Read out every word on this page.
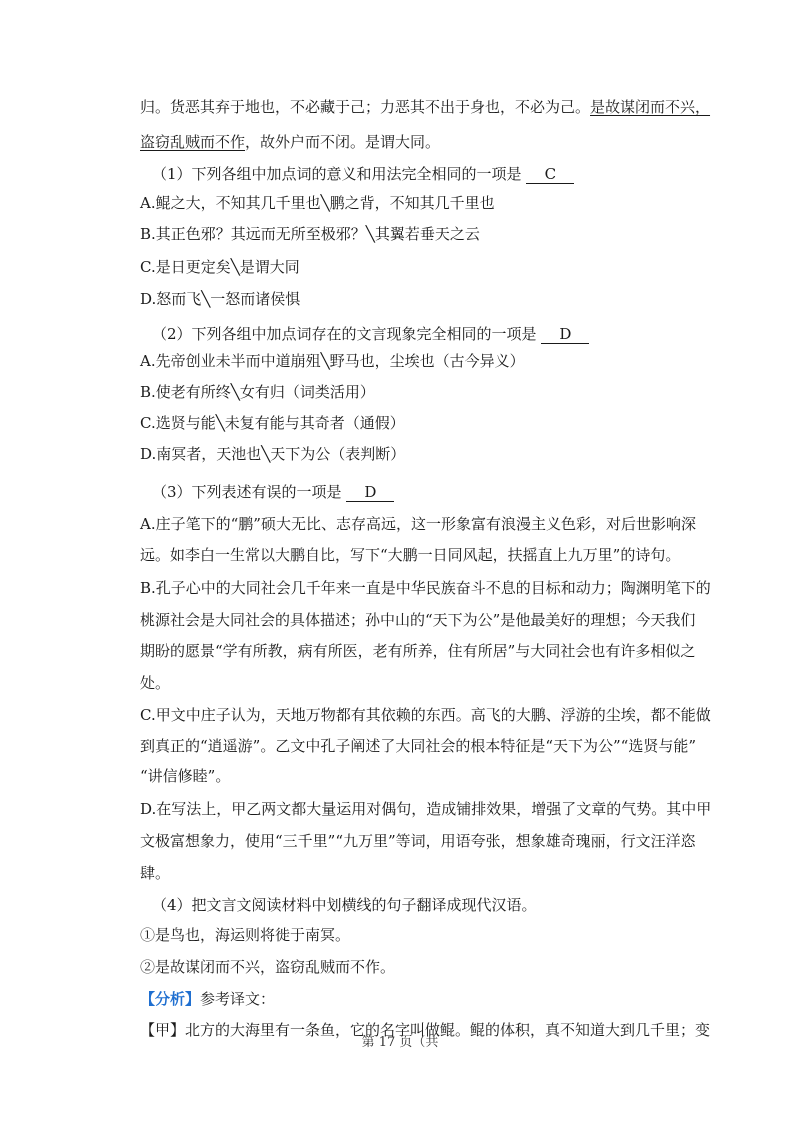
归。货恶其弃于地也，不必藏于己；力恶其不出于身也，不必为己。是故谋闭而不兴，
盗窃乱贼而不作，故外户而不闭。是谓大同。
（1）下列各组中加点词的意义和用法完全相同的一项是 C
A.鲲之大，不知其几千里也╲鹏之背，不知其几千里也
B.其正色邪？其远而无所至极邪？╲其翼若垂天之云
C.是日更定矣╲是谓大同
D.怒而飞╲一怒而诸侯惧
（2）下列各组中加点词存在的文言现象完全相同的一项是 D
A.先帝创业未半而中道崩殂╲野马也，尘埃也（古今异义）
B.使老有所终╲女有归（词类活用）
C.选贤与能╲未复有能与其奇者（通假）
D.南冥者，天池也╲天下为公（表判断）
（3）下列表述有误的一项是 D
A.庄子笔下的“鹏”硕大无比、志存高远，这一形象富有浪漫主义色彩，对后世影响深
远。如李白一生常以大鹏自比，写下“大鹏一日同风起，扶摇直上九万里”的诗句。
B.孔子心中的大同社会几千年来一直是中华民族奋斗不息的目标和动力；陶渊明笔下的
桃源社会是大同社会的具体描述；孙中山的“天下为公”是他最美好的理想；今天我们
期盼的愿景“学有所教，病有所医，老有所养，住有所居”与大同社会也有许多相似之
处。
C.甲文中庄子认为，天地万物都有其依赖的东西。高飞的大鹏、浮游的尘埃，都不能做
到真正的“逍遥游”。乙文中孔子阐述了大同社会的根本特征是“天下为公”“选贤与能”
“讲信修睦”。
D.在写法上，甲乙两文都大量运用对偶句，造成铺排效果，增强了文章的气势。其中甲
文极富想象力，使用“三千里”“九万里”等词，用语夸张，想象雄奇瑰丽，行文汪洋恣
肆。
（4）把文言文阅读材料中划横线的句子翻译成现代汉语。
①是鸟也，海运则将徙于南冥。
②是故谋闭而不兴，盗窃乱贼而不作。
【分析】参考译文：
【甲】北方的大海里有一条鱼，它的名字叫做鲲。鲲的体积，真不知道大到几千里；变
第 17 页（共
